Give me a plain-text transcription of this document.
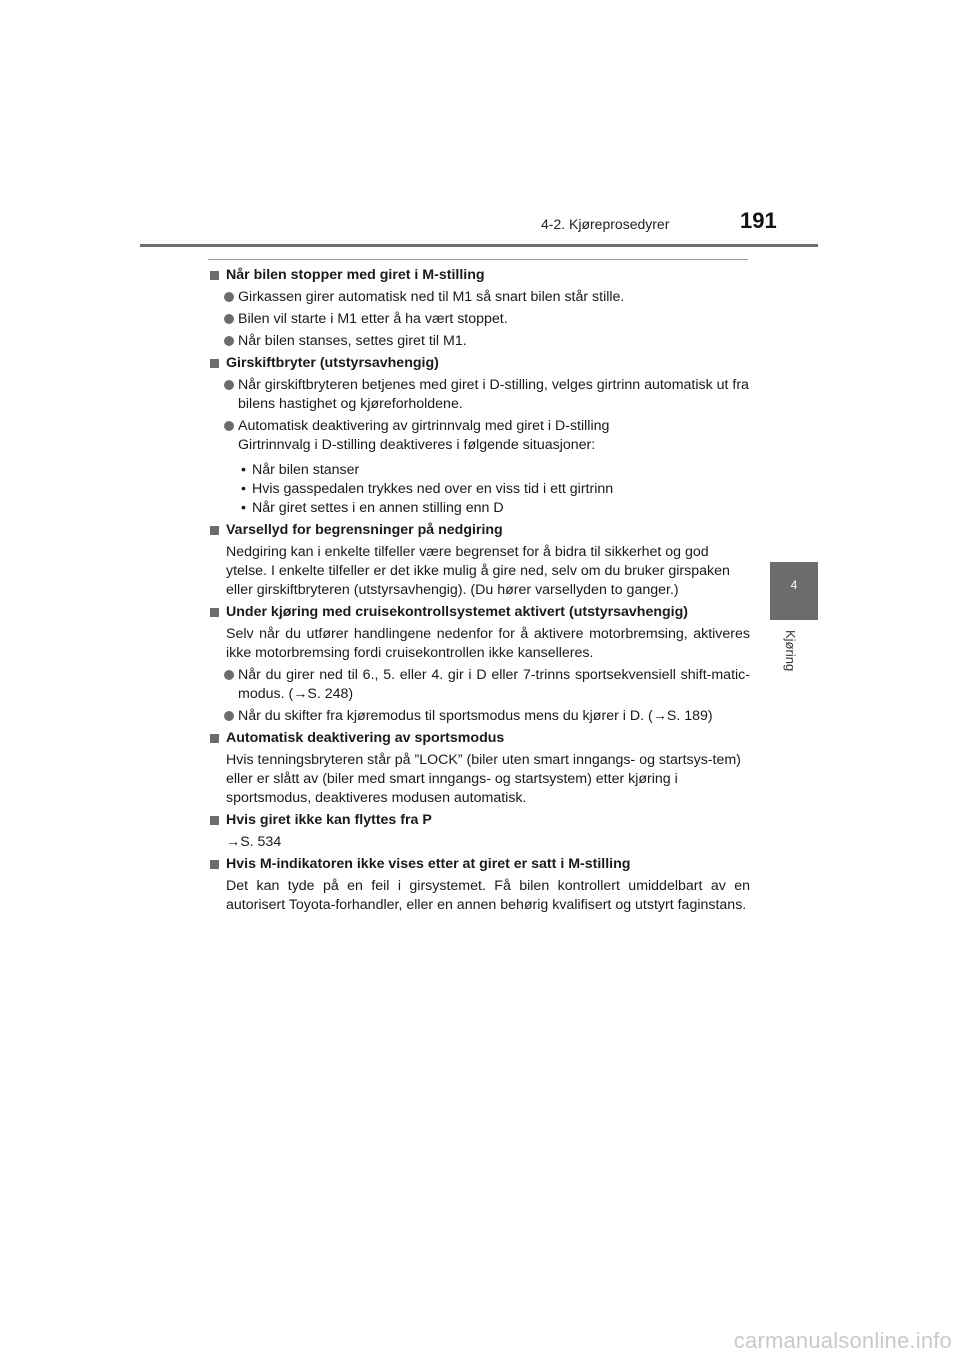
4-2. Kjøreprosedyrer	191
4
Kjøring
Når bilen stopper med giret i M-stilling
Girkassen girer automatisk ned til M1 så snart bilen står stille.
Bilen vil starte i M1 etter å ha vært stoppet.
Når bilen stanses, settes giret til M1.
Girskiftbryter (utstyrsavhengig)
Når girskiftbryteren betjenes med giret i D-stilling, velges girtrinn automatisk ut fra bilens hastighet og kjøreforholdene.
Automatisk deaktivering av girtrinnvalg med giret i D-stilling
Girtrinnvalg i D-stilling deaktiveres i følgende situasjoner:
• Når bilen stanser
• Hvis gasspedalen trykkes ned over en viss tid i ett girtrinn
• Når giret settes i en annen stilling enn D
Varsellyd for begrensninger på nedgiring
Nedgiring kan i enkelte tilfeller være begrenset for å bidra til sikkerhet og god ytelse. I enkelte tilfeller er det ikke mulig å gire ned, selv om du bruker girspaken eller girskiftbryteren (utstyrsavhengig). (Du hører varsellyden to ganger.)
Under kjøring med cruisekontrollsystemet aktivert (utstyrsavhengig)
Selv når du utfører handlingene nedenfor for å aktivere motorbremsing, aktiveres ikke motorbremsing fordi cruisekontrollen ikke kanselleres.
Når du girer ned til 6., 5. eller 4. gir i D eller 7-trinns sportsekvensiell shift-matic-modus. (→S. 248)
Når du skifter fra kjøremodus til sportsmodus mens du kjører i D. (→S. 189)
Automatisk deaktivering av sportsmodus
Hvis tenningsbryteren står på ”LOCK” (biler uten smart inngangs- og startsys-tem) eller er slått av (biler med smart inngangs- og startsystem) etter kjøring i sportsmodus, deaktiveres modusen automatisk.
Hvis giret ikke kan flyttes fra P
→S. 534
Hvis M-indikatoren ikke vises etter at giret er satt i M-stilling
Det kan tyde på en feil i girsystemet. Få bilen kontrollert umiddelbart av en autorisert Toyota-forhandler, eller en annen behørig kvalifisert og utstyrt faginstans.
carmanualsonline.info
